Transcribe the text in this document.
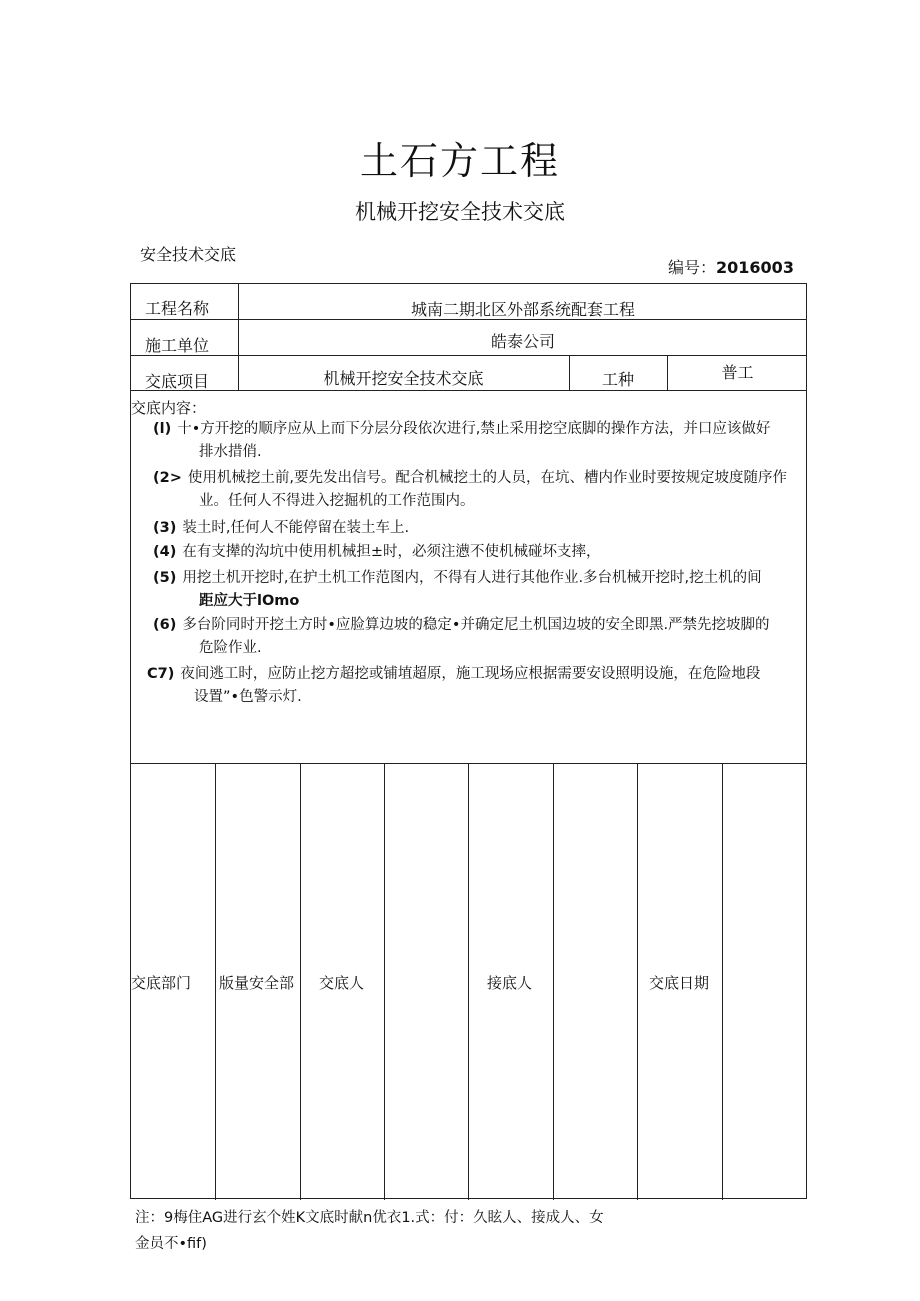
土石方工程
机械开挖安全技术交底
安全技术交底
编号：2016003
工程名称	城南二期北区外部系统配套工程
施工单位	皓泰公司
交底项目	机械开挖安全技术交底	工种	普工
交底内容：
(l) 十•方开挖的顺序应从上而下分层分段依次进行,禁止采用挖空底脚的操作方法，并口应该做好
排水措俏.
(2> 使用机械挖土前,要先发出信号。配合机械挖土的人员，在坑、槽内作业时要按规定坡度随序作
业。任何人不得进入挖掘机的工作范围内。
(3) 装土时,任何人不能停留在装土车上.
(4) 在有支撵的沟坑中使用机械担±时，必须注懑不使机械碰坏支摔，
(5) 用挖土机开挖时,在护土机工作范图内，不得有人进行其他作业.多台机械开挖时,挖土机的间
距应大于lOmo
(6) 多台阶同时开挖土方时•应脸算边坡的稳定•并确定尼土机国边坡的安全即黑.严禁先挖坡脚的
危险作业.
C7) 夜间逃工时，应防止挖方超挖或铺埴超原，施工现场应根据需要安设照明设施，在危险地段
设置”•色警示灯.
交底部门 版量安全部 交底人	接底人	交底日期
注：9梅住AG进行玄个姓K文底时献n优衣1.式：付：久眩人、接成人、女
金员不•fif)
